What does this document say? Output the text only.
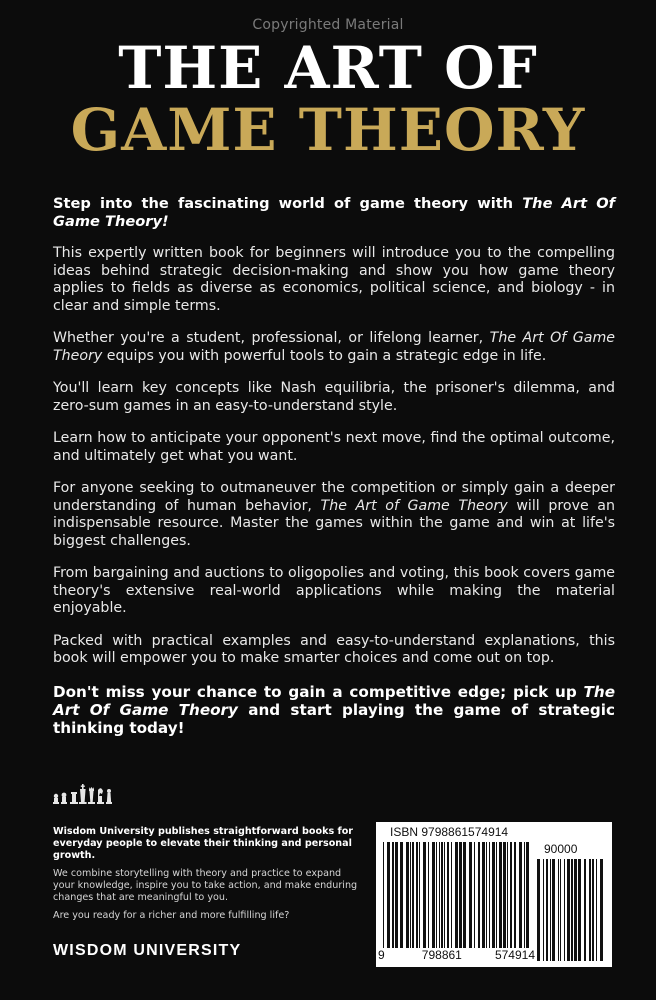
Copyrighted Material
THE ART OF
GAME THEORY

Step into the fascinating world of game theory with The Art Of Game Theory!

This expertly written book for beginners will introduce you to the compelling ideas behind strategic decision-making and show you how game theory applies to fields as diverse as economics, political science, and biology - in clear and simple terms.

Whether you're a student, professional, or lifelong learner, The Art Of Game Theory equips you with powerful tools to gain a strategic edge in life.

You'll learn key concepts like Nash equilibria, the prisoner's dilemma, and zero-sum games in an easy-to-understand style.

Learn how to anticipate your opponent's next move, find the optimal outcome, and ultimately get what you want.

For anyone seeking to outmaneuver the competition or simply gain a deeper understanding of human behavior, The Art of Game Theory will prove an indispensable resource. Master the games within the game and win at life's biggest challenges.

From bargaining and auctions to oligopolies and voting, this book covers game theory's extensive real-world applications while making the material enjoyable.

Packed with practical examples and easy-to-understand explanations, this book will empower you to make smarter choices and come out on top.

Don't miss your chance to gain a competitive edge; pick up The Art Of Game Theory and start playing the game of strategic thinking today!

Wisdom University publishes straightforward books for everyday people to elevate their thinking and personal growth.

We combine storytelling with theory and practice to expand your knowledge, inspire you to take action, and make enduring changes that are meaningful to you.

Are you ready for a richer and more fulfilling life?

WISDOM UNIVERSITY
ISBN 9798861574914
90000
9	798861	574914
